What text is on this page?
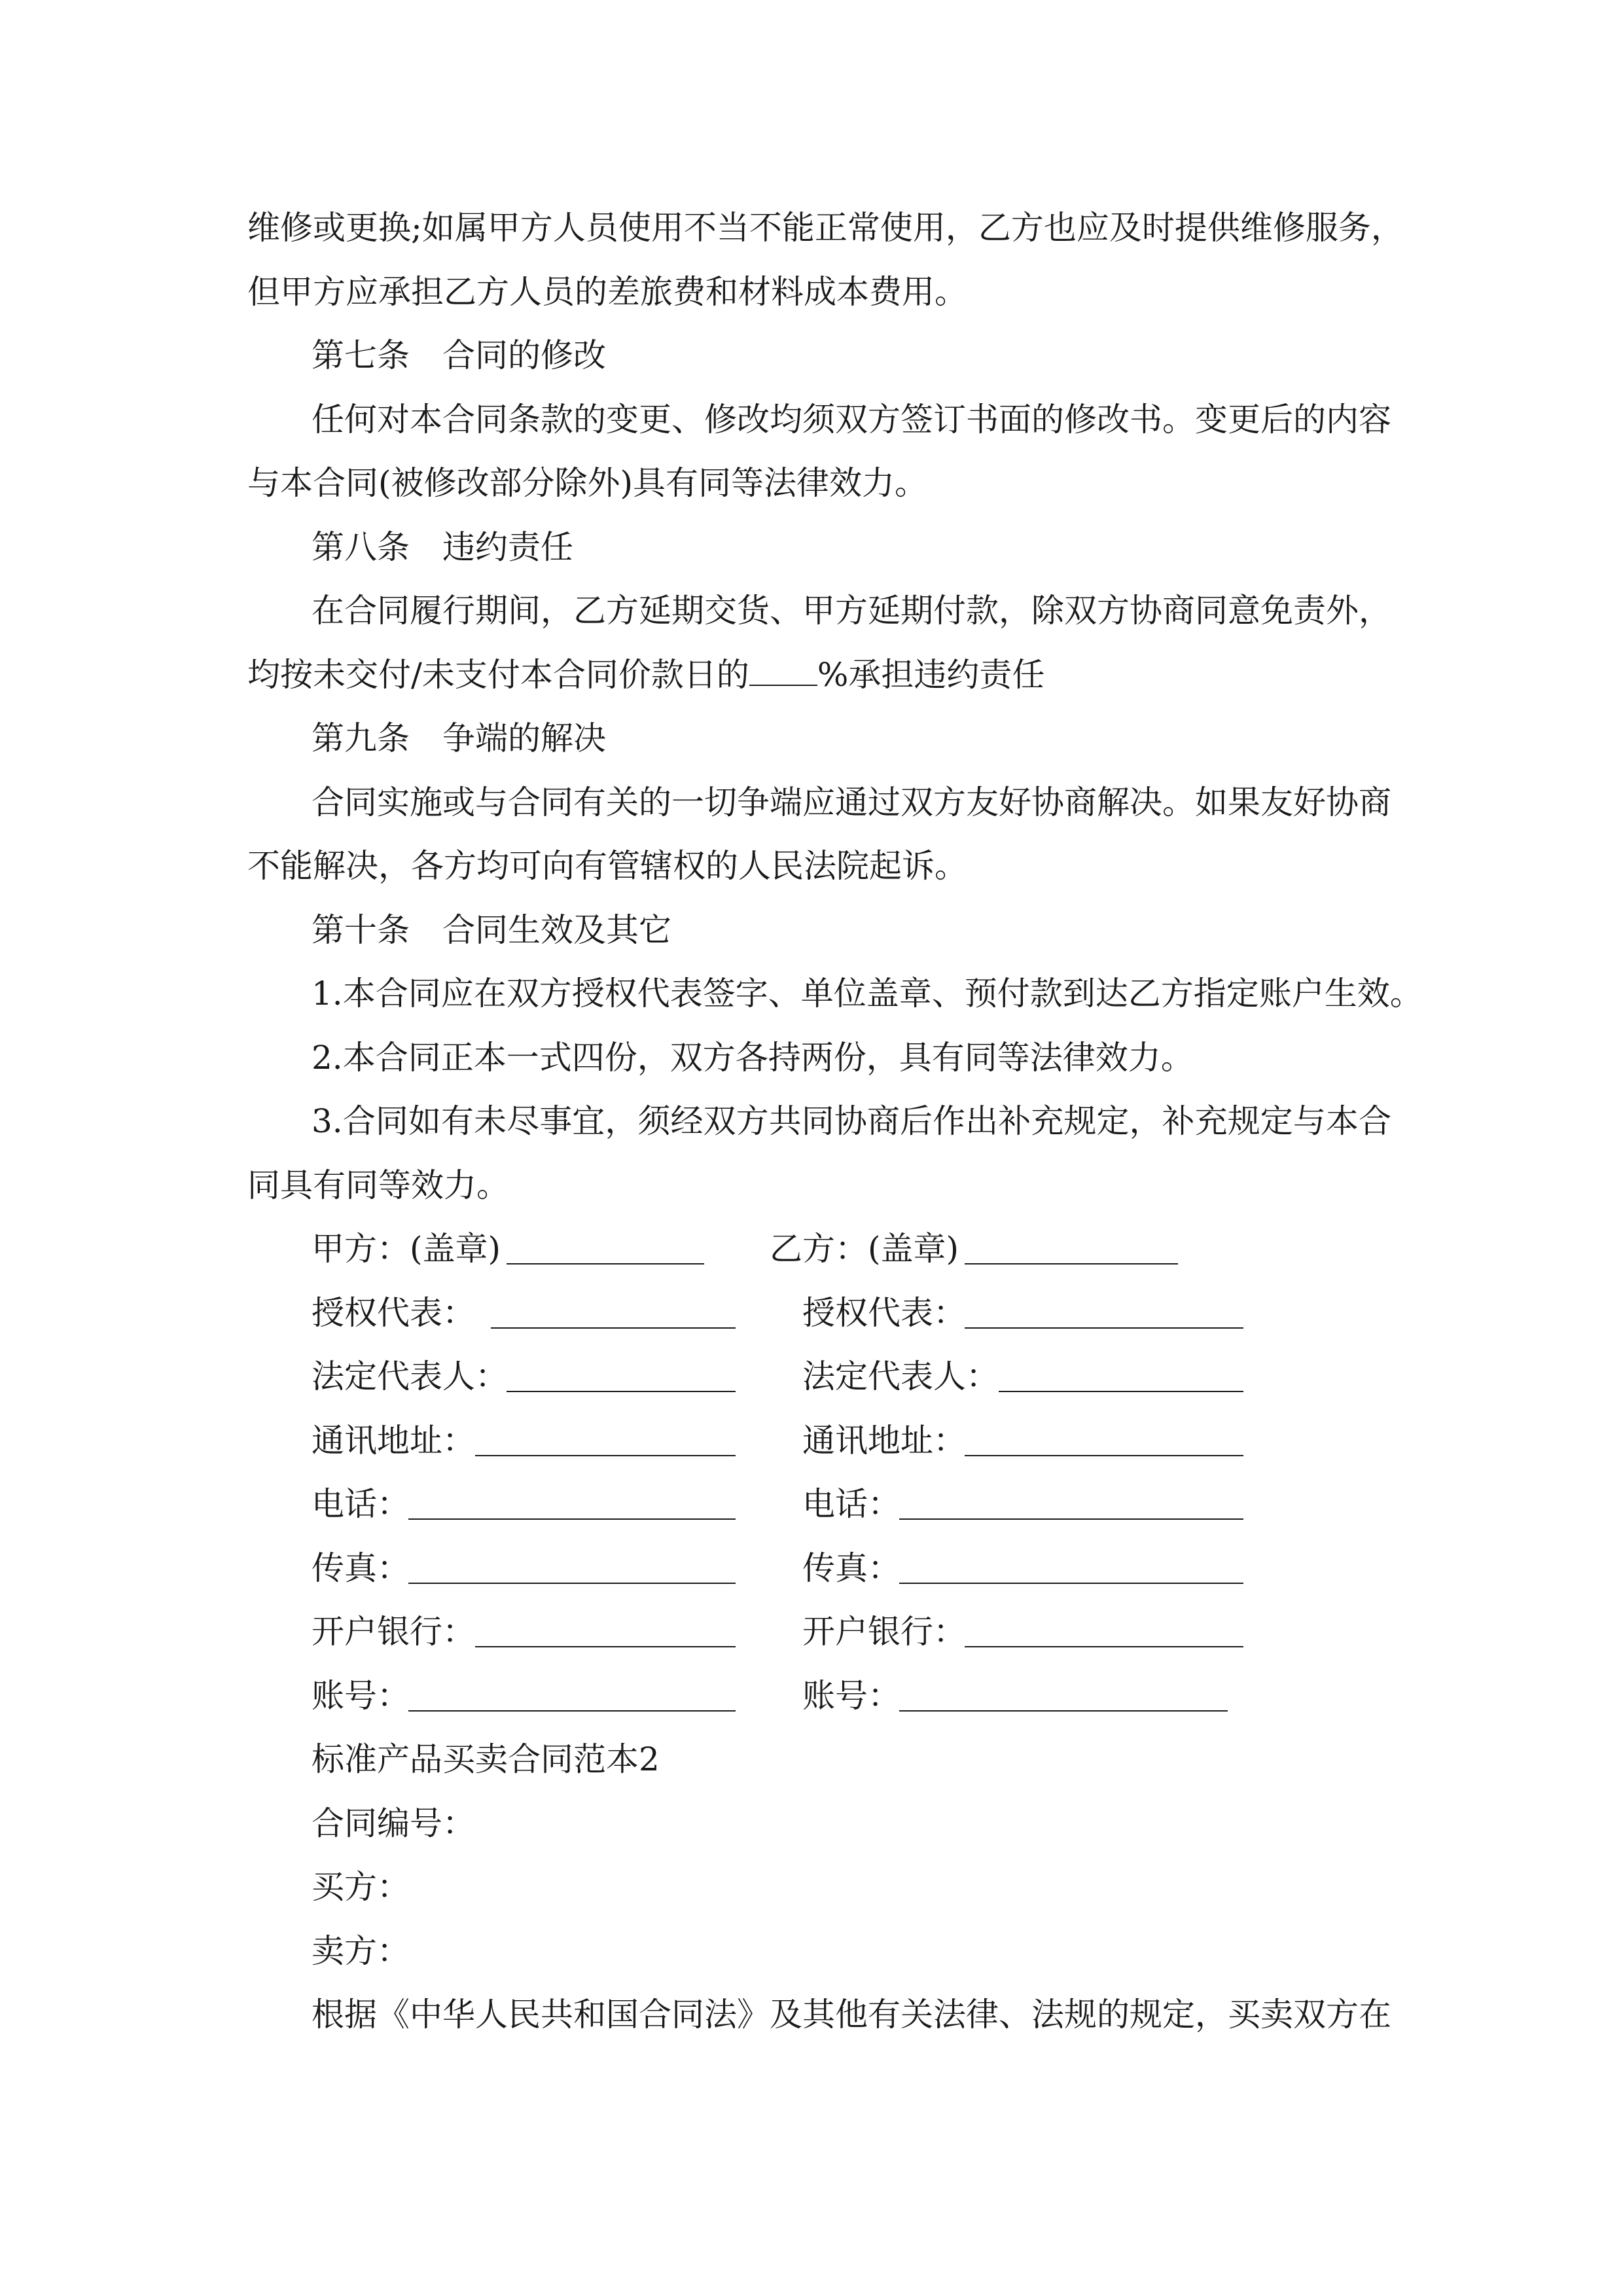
维修或更换;如属甲方人员使用不当不能正常使用，乙方也应及时提供维修服务，
但甲方应承担乙方人员的差旅费和材料成本费用。
第七条　合同的修改
任何对本合同条款的变更、修改均须双方签订书面的修改书。变更后的内容
与本合同(被修改部分除外)具有同等法律效力。
第八条　违约责任
在合同履行期间，乙方延期交货、甲方延期付款，除双方协商同意免责外，
均按未交付/未支付本合同价款日的 %承担违约责任
第九条　争端的解决
合同实施或与合同有关的一切争端应通过双方友好协商解决。如果友好协商
不能解决，各方均可向有管辖权的人民法院起诉。
第十条　合同生效及其它
1.本合同应在双方授权代表签字、单位盖章、预付款到达乙方指定账户生效。
2.本合同正本一式四份，双方各持两份，具有同等法律效力。
3.合同如有未尽事宜，须经双方共同协商后作出补充规定，补充规定与本合
同具有同等效力。
甲方：(盖章)	乙方：(盖章)
授权代表：	授权代表：
法定代表人：	法定代表人：
通讯地址：	通讯地址：
电话：	电话：
传真：	传真：
开户银行：	开户银行：
账号：	账号：
标准产品买卖合同范本2
合同编号：
买方：
卖方：
根据《中华人民共和国合同法》及其他有关法律、法规的规定，买卖双方在
